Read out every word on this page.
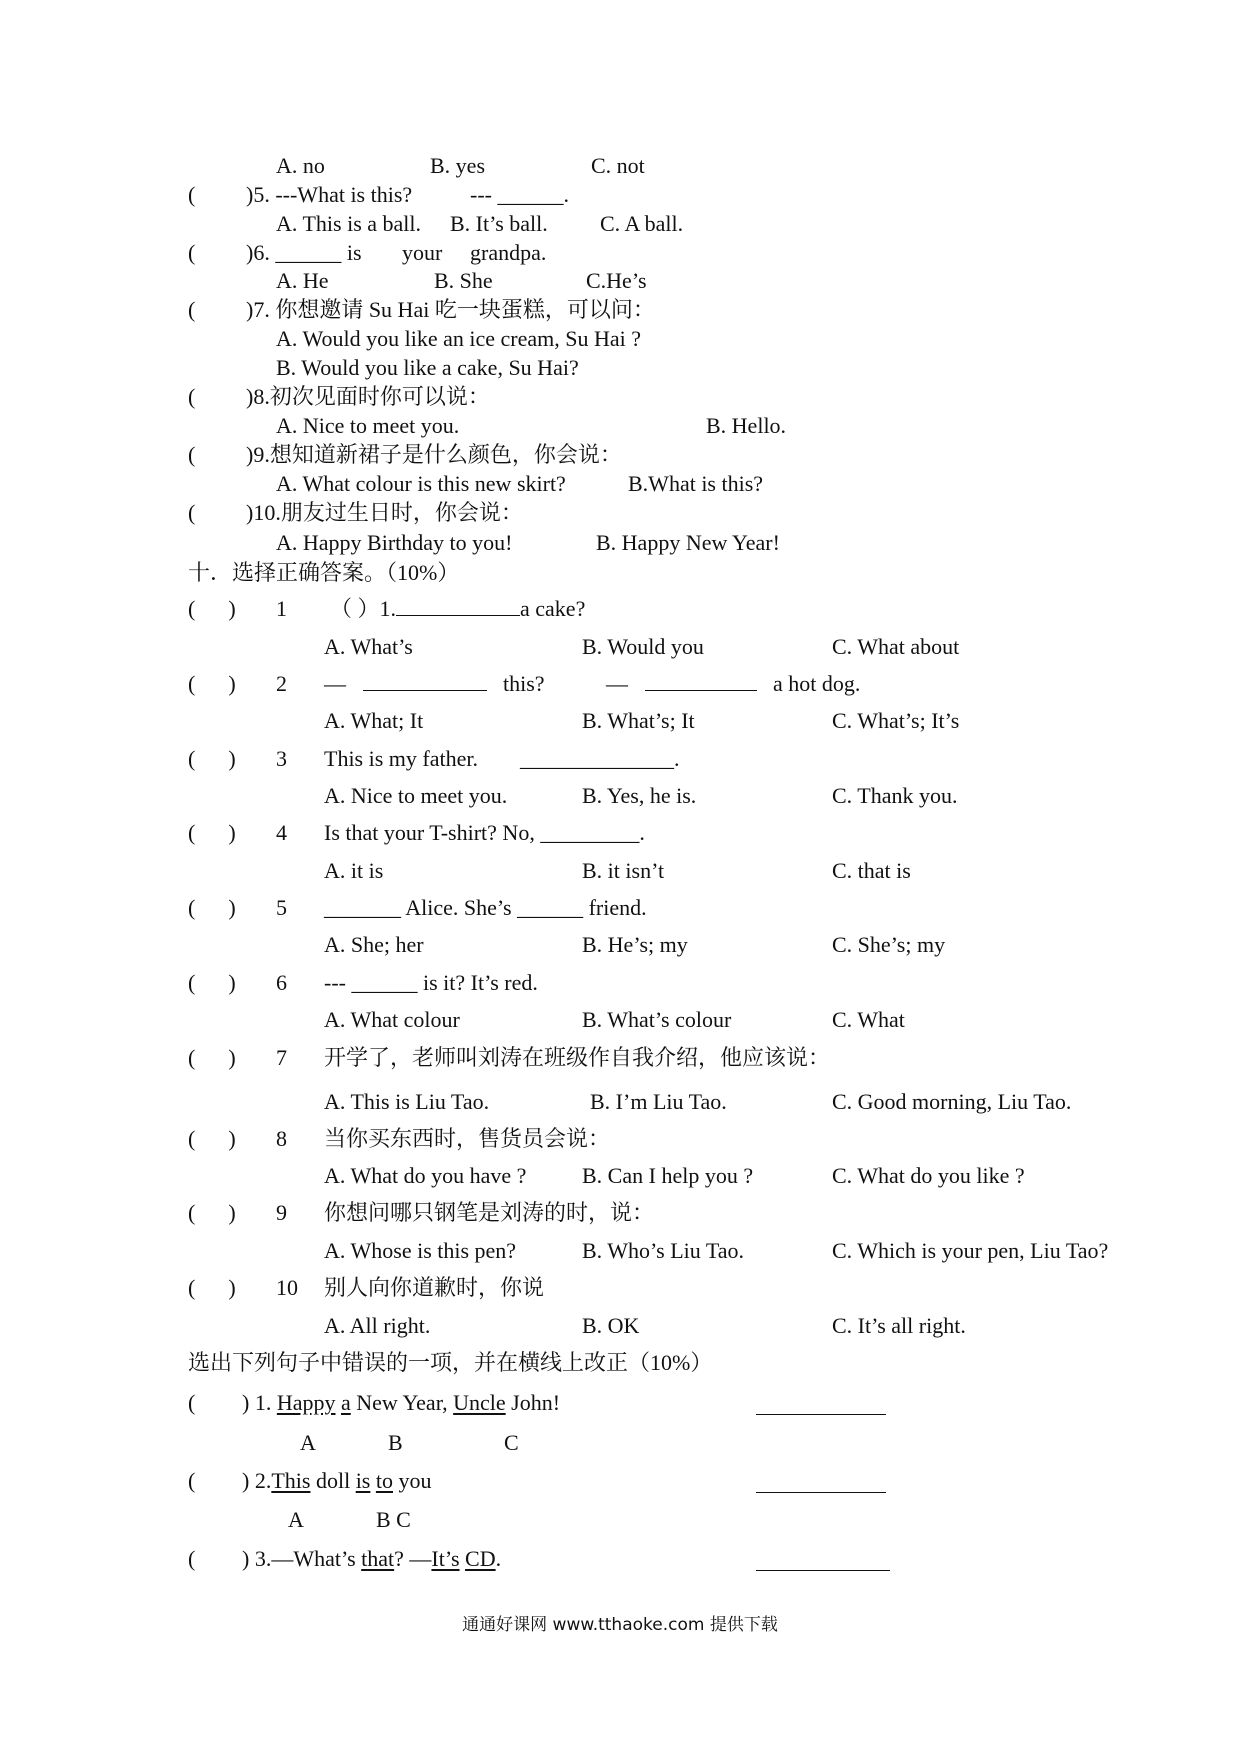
A. no	B. yes	C. not
( )5. ---What is this?	--- ______.
A. This is a ball. B. It’s ball. C. A ball.
( )6. ______ is your grandpa.
A. He	B. She	C.He’s
( )7. 你想邀请 Su Hai 吃一块蛋糕，可以问：
A. Would you like an ice cream, Su Hai ?
B. Would you like a cake, Su Hai?
( )8.初次见面时你可以说：
A. Nice to meet you.	B. Hello.
( )9.想知道新裙子是什么颜色，你会说：
A. What colour is this new skirt?	B.What is this?
( )10.朋友过生日时，你会说：
A. Happy Birthday to you!	B. Happy New Year!
十．选择正确答案。（10%）
(      ) 1 （ ）1.	a cake?
A. What’s	B. Would you	C. What about
(      ) 2 —	this?	—	a hot dog.
A. What; It	B. What’s; It	C. What’s; It’s
(      ) 3 This is my father. ______________.
A. Nice to meet you.	B. Yes, he is.	C. Thank you.
(      ) 4 Is that your T-shirt? No, _________.
A. it is	B. it isn’t	C. that is
(      ) 5 _______ Alice. She’s ______ friend.
A. She; her	B. He’s; my	C. She’s; my
(      ) 6 --- ______ is it? It’s red.
A. What colour	B. What’s colour	C. What
(      ) 7 开学了，老师叫刘涛在班级作自我介绍，他应该说：
A. This is Liu Tao.	B. I’m Liu Tao.	C. Good morning, Liu Tao.
(      ) 8 当你买东西时，售货员会说：
A. What do you have ?	B. Can I help you ?	C. What do you like ?
(      ) 9 你想问哪只钢笔是刘涛的时，说：
A. Whose is this pen?	B. Who’s Liu Tao.	C. Which is your pen, Liu Tao?
(      ) 10 别人向你道歉时，你说
A. All right.	B. OK	C. It’s all right.
选出下列句子中错误的一项，并在横线上改正（10%）
( ) 1. Happy a New Year, Uncle John!
A	B	C
( ) 2.This doll is to you
A	B C
( ) 3.—What’s that? —It’s CD.
通通好课网 www.tthaoke.com 提供下载
